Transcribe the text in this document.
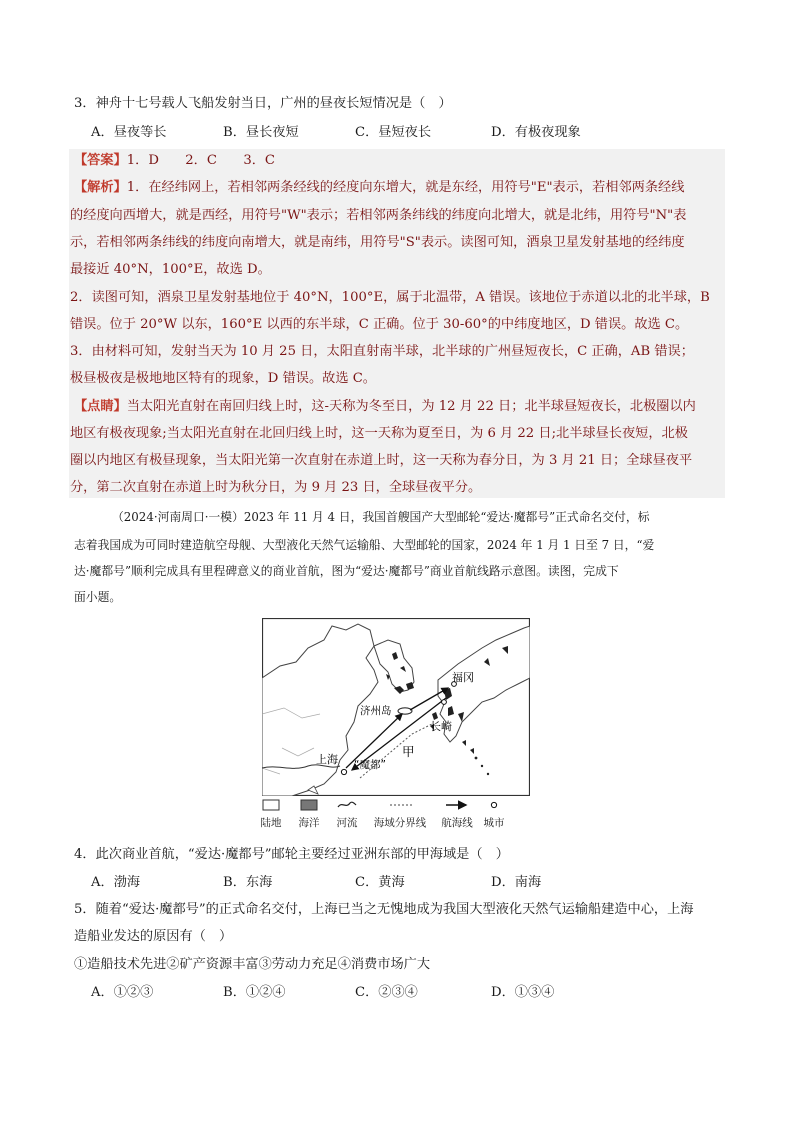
3．神舟十七号载人飞船发射当日，广州的昼夜长短情况是（　）
A．昼夜等长	B．昼长夜短	C．昼短夜长	D．有极夜现象
【答案】1．D　　2．C　　3．C
【解析】1．在经纬网上，若相邻两条经线的经度向东增大，就是东经，用符号"E"表示，若相邻两条经线
的经度向西增大，就是西经，用符号"W"表示；若相邻两条纬线的纬度向北增大，就是北纬，用符号"N"表
示，若相邻两条纬线的纬度向南增大，就是南纬，用符号"S"表示。读图可知，酒泉卫星发射基地的经纬度
最接近 40°N，100°E，故选 D。
2．读图可知，酒泉卫星发射基地位于 40°N，100°E，属于北温带，A 错误。该地位于赤道以北的北半球，B
错误。位于 20°W 以东，160°E 以西的东半球，C 正确。位于 30-60°的中纬度地区，D 错误。故选 C。
3．由材料可知，发射当天为 10 月 25 日，太阳直射南半球，北半球的广州昼短夜长，C 正确，AB 错误；
极昼极夜是极地地区特有的现象，D 错误。故选 C。
【点睛】当太阳光直射在南回归线上时，这-天称为冬至日，为 12 月 22 日；北半球昼短夜长，北极圈以内
地区有极夜现象;当太阳光直射在北回归线上时，这一天称为夏至日，为 6 月 22 日;北半球昼长夜短，北极
圈以内地区有极昼现象，当太阳光第一次直射在赤道上时，这一天称为春分日，为 3 月 21 日；全球昼夜平
分，第二次直射在赤道上时为秋分日，为 9 月 23 日，全球昼夜平分。
（2024·河南周口·一模）2023 年 11 月 4 日，我国首艘国产大型邮轮“爱达·魔都号”正式命名交付，标
志着我国成为可同时建造航空母舰、大型液化天然气运输船、大型邮轮的国家，2024 年 1 月 1 日至 7 日，“爱
达·魔都号”顺利完成具有里程碑意义的商业首航，图为“爱达·魔都号”商业首航线路示意图。读图，完成下
面小题。
福冈
济州岛
长崎
上海 “魔都”
甲
陆地 海洋 河流	海域分界线	航海线 城市
4．此次商业首航，“爱达·魔都号”邮轮主要经过亚洲东部的甲海域是（　）
A．渤海	B．东海	C．黄海	D．南海
5．随着“爱达·魔都号”的正式命名交付，上海已当之无愧地成为我国大型液化天然气运输船建造中心，上海
造船业发达的原因有（　）
①造船技术先进②矿产资源丰富③劳动力充足④消费市场广大
A．①②③	B．①②④	C．②③④	D．①③④
